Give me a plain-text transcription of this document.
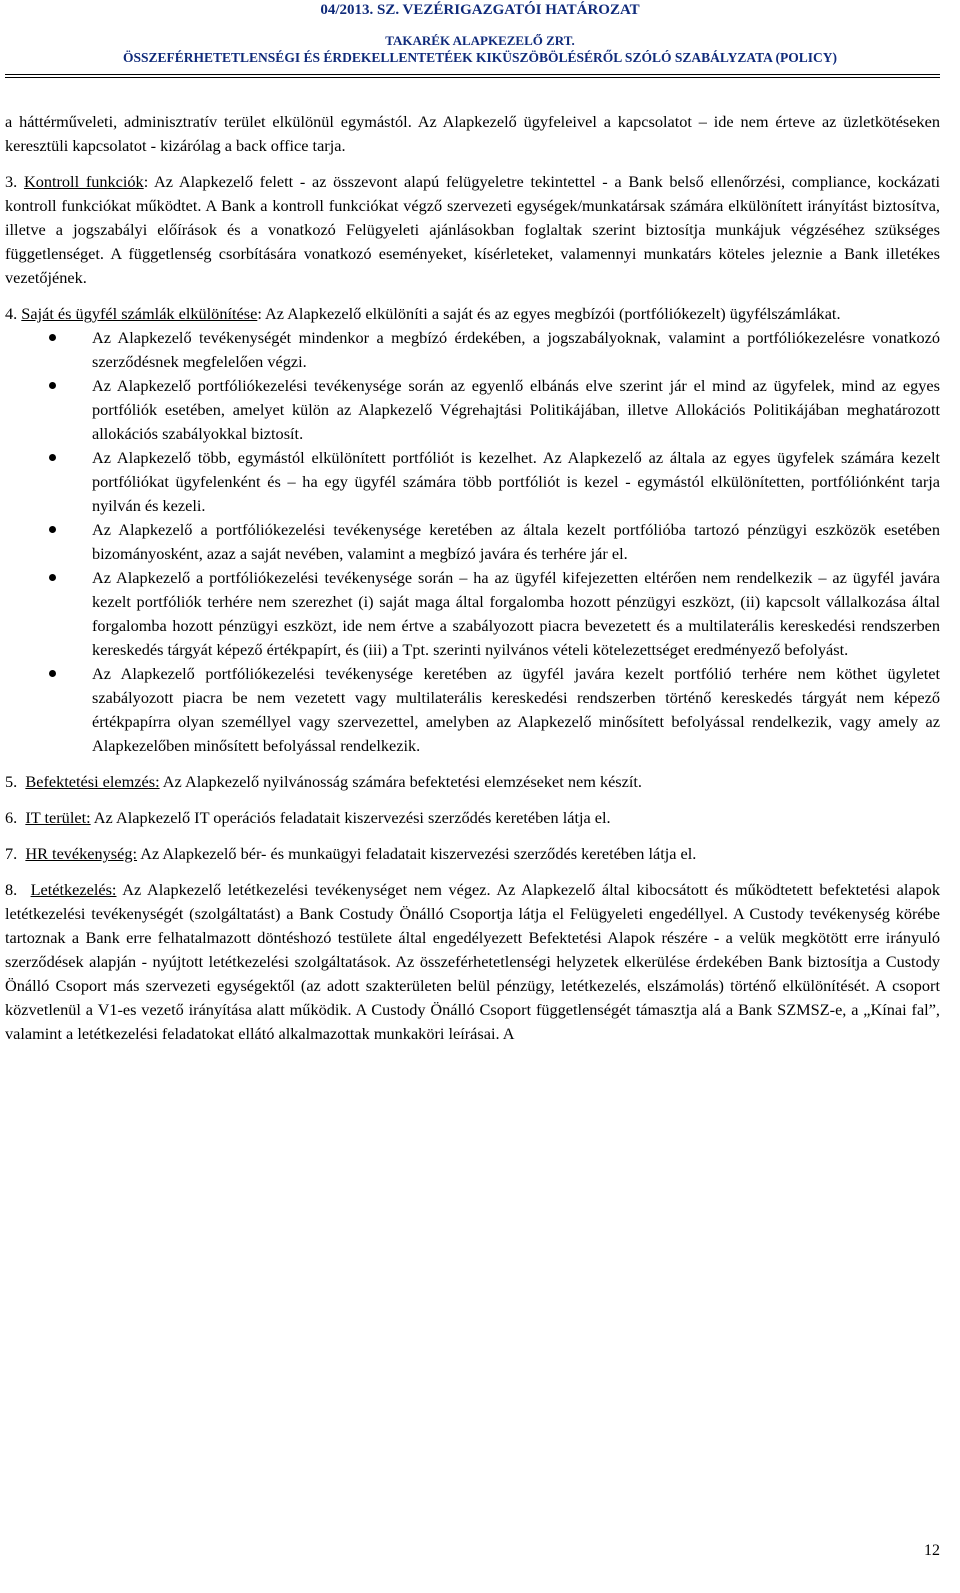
04/2013. SZ. VEZÉRIGAZGATÓI HATÁROZAT
TAKARÉK ALAPKEZELŐ ZRT.
ÖSSZEFÉRHETETLENSÉGI ÉS ÉRDEKELLENTETÉEK KIKÜSZÖBÖLÉSÉRŐL SZÓLÓ SZABÁLYZATA (POLICY)

a háttérműveleti, adminisztratív terület elkülönül egymástól. Az Alapkezelő ügyfeleivel a kapcsolatot – ide nem érteve az üzletkötéseken keresztüli kapcsolatot - kizárólag a back office tarja.

3. Kontroll funkciók: Az Alapkezelő felett - az összevont alapú felügyeletre tekintettel - a Bank belső ellenőrzési, compliance, kockázati kontroll funkciókat működtet. A Bank a kontroll funkciókat végző szervezeti egységek/munkatársak számára elkülönített irányítást biztosítva, illetve a jogszabályi előírások és a vonatkozó Felügyeleti ajánlásokban foglaltak szerint biztosítja munkájuk végzéséhez szükséges függetlenséget. A függetlenség csorbítására vonatkozó eseményeket, kísérleteket, valamennyi munkatárs köteles jeleznie a Bank illetékes vezetőjének.

4. Saját és ügyfél számlák elkülönítése: Az Alapkezelő elkülöníti a saját és az egyes megbízói (portfóliókezelt) ügyfélszámlákat.

Az Alapkezelő tevékenységét mindenkor a megbízó érdekében, a jogszabályoknak, valamint a portfóliókezelésre vonatkozó szerződésnek megfelelően végzi.
Az Alapkezelő portfóliókezelési tevékenysége során az egyenlő elbánás elve szerint jár el mind az ügyfelek, mind az egyes portfóliók esetében, amelyet külön az Alapkezelő Végrehajtási Politikájában, illetve Allokációs Politikájában meghatározott allokációs szabályokkal biztosít.
Az Alapkezelő több, egymástól elkülönített portfóliót is kezelhet. Az Alapkezelő az általa az egyes ügyfelek számára kezelt portfóliókat ügyfelenként és – ha egy ügyfél számára több portfóliót is kezel - egymástól elkülönítetten, portfóliónként tarja nyilván és kezeli.
Az Alapkezelő a portfóliókezelési tevékenysége keretében az általa kezelt portfólióba tartozó pénzügyi eszközök esetében bizományosként, azaz a saját nevében, valamint a megbízó javára és terhére jár el.
Az Alapkezelő a portfóliókezelési tevékenysége során – ha az ügyfél kifejezetten eltérően nem rendelkezik – az ügyfél javára kezelt portfóliók terhére nem szerezhet (i) saját maga által forgalomba hozott pénzügyi eszközt, (ii) kapcsolt vállalkozása által forgalomba hozott pénzügyi eszközt, ide nem értve a szabályozott piacra bevezetett és a multilaterális kereskedési rendszerben kereskedés tárgyát képező értékpapírt, és (iii) a Tpt. szerinti nyilvános vételi kötelezettséget eredményező befolyást.
Az Alapkezelő portfóliókezelési tevékenysége keretében az ügyfél javára kezelt portfólió terhére nem köthet ügyletet szabályozott piacra be nem vezetett vagy multilaterális kereskedési rendszerben történő kereskedés tárgyát nem képező értékpapírra olyan személlyel vagy szervezettel, amelyben az Alapkezelő minősített befolyással rendelkezik, vagy amely az Alapkezelőben minősített befolyással rendelkezik.

5. Befektetési elemzés: Az Alapkezelő nyilvánosság számára befektetési elemzéseket nem készít.

6. IT terület: Az Alapkezelő IT operációs feladatait kiszervezési szerződés keretében látja el.

7. HR tevékenység: Az Alapkezelő bér- és munkaügyi feladatait kiszervezési szerződés keretében látja el.

8. Letétkezelés: Az Alapkezelő letétkezelési tevékenységet nem végez. Az Alapkezelő által kibocsátott és működtetett befektetési alapok letétkezelési tevékenységét (szolgáltatást) a Bank Costudy Önálló Csoportja látja el Felügyeleti engedéllyel. A Custody tevékenység körébe tartoznak a Bank erre felhatalmazott döntéshozó testülete által engedélyezett Befektetési Alapok részére - a velük megkötött erre irányuló szerződések alapján - nyújtott letétkezelési szolgáltatások. Az összeférhetetlenségi helyzetek elkerülése érdekében Bank biztosítja a Custody Önálló Csoport más szervezeti egységektől (az adott szakterületen belül pénzügy, letétkezelés, elszámolás) történő elkülönítését. A csoport közvetlenül a V1-es vezető irányítása alatt működik. A Custody Önálló Csoport függetlenségét támasztja alá a Bank SZMSZ-e, a „Kínai fal”, valamint a letétkezelési feladatokat ellátó alkalmazottak munkaköri leírásai. A

12
